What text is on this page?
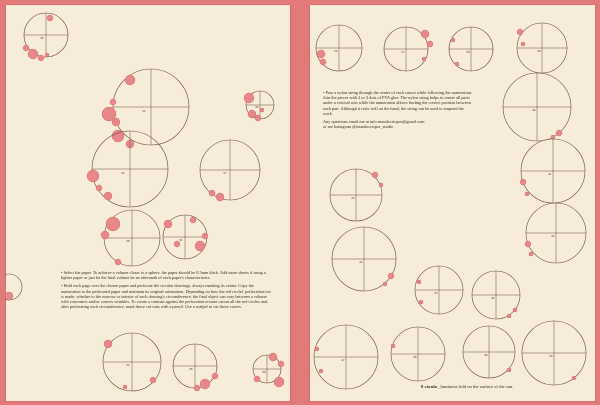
36
32
36
34	37
38	31
32
28
30

• Select the paper. To achieve a volume closer to a sphere, the paper should be 0.5mm thick. Add more sheets if using a lighter paper or just let the final volume be an aftermath of each paper's characteristics.

• Hold each page over the chosen paper and perforate the circular drawings, always marking its center. Copy the numeration to the perforated paper and maintain its original orientation. Depending on how the red circles' perforation/cut is made, whether to the exterior or interior of each drawing's circumference, the final object can vary between a volume with concentric and/or convex wrinkles. To create a contrast against the perforation texture cutout all the red circles and, after perforating each circumference, mark those cut-outs with a pencil. Use a scalpel to cut those curves.

26	27	28	39
40
41
42
43
44
45
46
47
48	49	50

• Pass a nylon string through the center of each cutout while following the numeration. Join the pieces with 2 or 3 dots of PVA glue. The nylon string helps to center all parts under a vertical axis while the numeration allows finding the correct position between each part. Although it rests well on the hand, the string can be used to suspend the work.

Any questions email me at info.mundocriopor@gmail.com

or me Instagram @mundocriopor_studio

8 cácula _luminous fold on the surface of the sun.
